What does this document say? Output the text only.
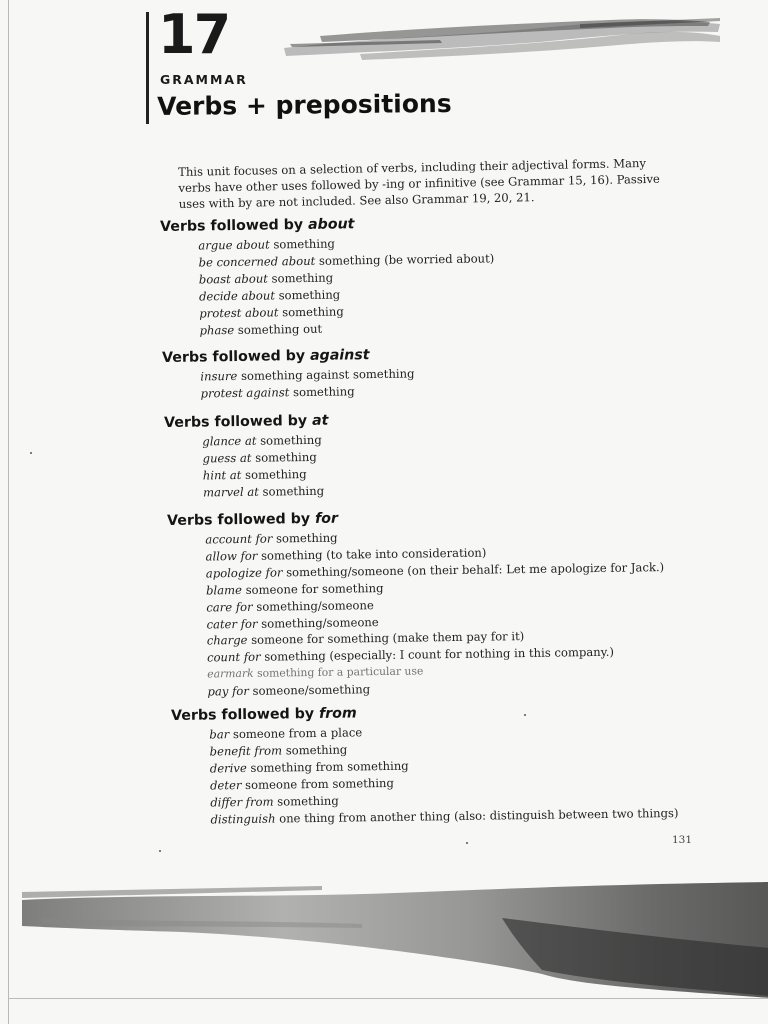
17
GRAMMAR
Verbs + prepositions

This unit focuses on a selection of verbs, including their adjectival forms. Many verbs have other uses followed by -ing or infinitive (see Grammar 15, 16). Passive uses with by are not included. See also Grammar 19, 20, 21.

Verbs followed by about
argue about something
be concerned about something (be worried about)
boast about something
decide about something
protest about something
phase something out
Verbs followed by against
insure something against something
protest against something
Verbs followed by at
glance at something
guess at something
hint at something
marvel at something
Verbs followed by for
account for something
allow for something (to take into consideration)
apologize for something/someone (on their behalf: Let me apologize for Jack.)
blame someone for something
care for something/someone
cater for something/someone
charge someone for something (make them pay for it)
count for something (especially: I count for nothing in this company.)
earmark something for a particular use
pay for someone/something
Verbs followed by from
bar someone from a place
benefit from something
derive something from something
deter someone from something
differ from something
distinguish one thing from another thing (also: distinguish between two things)
131
